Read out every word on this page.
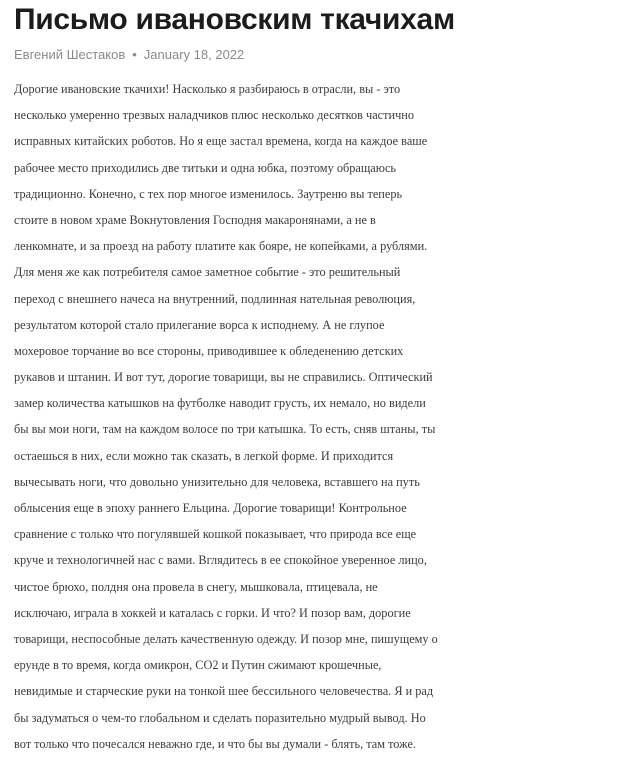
Письмо ивановским ткачихам
Евгений Шестаков • January 18, 2022
Дорогие ивановские ткачихи! Насколько я разбираюсь в отрасли, вы - это
несколько умеренно трезвых наладчиков плюс несколько десятков частично
исправных китайских роботов. Но я еще застал времена, когда на каждое ваше
рабочее место приходились две титьки и одна юбка, поэтому обращаюсь
традиционно. Конечно, с тех пор многое изменилось. Заутреню вы теперь
стоите в новом храме Вокнутовления Господня макаронянами, а не в
ленкомнате, и за проезд на работу платите как бояре, не копейками, а рублями.
Для меня же как потребителя самое заметное событие - это решительный
переход с внешнего начеса на внутренний, подлинная нательная революция,
результатом которой стало прилегание ворса к исподнему. А не глупое
мохеровое торчание во все стороны, приводившее к обледенению детских
рукавов и штанин. И вот тут, дорогие товарищи, вы не справились. Оптический
замер количества катышков на футболке наводит грусть, их немало, но видели
бы вы мои ноги, там на каждом волосе по три катышка. То есть, сняв штаны, ты
остаешься в них, если можно так сказать, в легкой форме. И приходится
вычесывать ноги, что довольно унизительно для человека, вставшего на путь
облысения еще в эпоху раннего Ельцина. Дорогие товарищи! Контрольное
сравнение с только что погулявшей кошкой показывает, что природа все еще
круче и технологичней нас с вами. Вглядитесь в ее спокойное уверенное лицо,
чистое брюхо, полдня она провела в снегу, мышковала, птицевала, не
исключаю, играла в хоккей и каталась с горки. И что? И позор вам, дорогие
товарищи, неспособные делать качественную одежду. И позор мне, пишущему о
ерунде в то время, когда омикрон, СО2 и Путин сжимают крошечные,
невидимые и старческие руки на тонкой шее бессильного человечества. Я и рад
бы задуматься о чем-то глобальном и сделать поразительно мудрый вывод. Но
вот только что почесался неважно где, и что бы вы думали - блять, там тоже.
